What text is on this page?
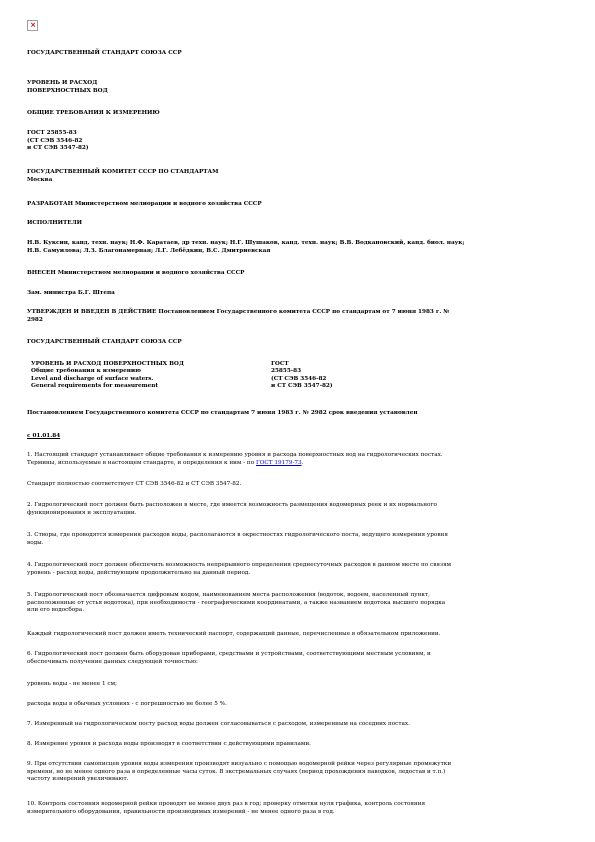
×
ГОСУДАРСТВЕННЫЙ СТАНДАРТ СОЮЗА ССР
УРОВЕНЬ И РАСХОД
ПОВЕРХНОСТНЫХ ВОД
ОБЩИЕ ТРЕБОВАНИЯ К ИЗМЕРЕНИЮ
ГОСТ 25855-83
(СТ СЭВ 3546-82
и СТ СЭВ 3547-82)
ГОСУДАРСТВЕННЫЙ КОМИТЕТ СССР ПО СТАНДАРТАМ
Москва
РАЗРАБОТАН Министерством мелиорации и водного хозяйства СССР
ИСПОЛНИТЕЛИ
Н.В. Куксин, канд. техн. наук; Н.Ф. Каратаев, др техн. наук; Н.Г. Шушаков, канд. техн. наук; В.В. Водкановский, канд. биол. наук;
Н.В. Самуилова; Л.З. Благонамерная; Л.Г. Лебёдкин, В.С. Дмитриевская
ВНЕСЕН Министерством мелиорации и водного хозяйства СССР
Зам. министра Б.Г. Штепа
УТВЕРЖДЕН И ВВЕДЕН В ДЕЙСТВИЕ Постановлением Государственного комитета СССР по стандартам от 7 июня 1983 г. №
2982
ГОСУДАРСТВЕННЫЙ СТАНДАРТ СОЮЗА ССР
УРОВЕНЬ И РАСХОД ПОВЕРХНОСТНЫХ ВОД	ГОСТ
Общие требования к измерению	25855-83
Level and discharge of surface waters.	(СТ СЭВ 3546-82
General requirements for measurement	и СТ СЭВ 3547-82)
Постановлением Государственного комитета СССР по стандартам 7 июня 1983 г. № 2982 срок введения установлен
с 01.01.84
1. Настоящий стандарт устанавливает общие требования к измерению уровня и расхода поверхностных вод на гидрологических постах.
Термины, используемые в настоящем стандарте, и определения к ним - по ГОСТ 19179-73.
Стандарт полностью соответствует СТ СЭВ 3546-82 и СТ СЭВ 3547-82.
2. Гидрологический пост должен быть расположен в месте, где имеется возможность размещения водомерных реек и их нормального
функционирования и эксплуатации.
3. Створы, где проводятся измерения расходов воды, располагаются в окрестностях гидрологического поста, ведущего измерения уровня
воды.
4. Гидрологический пост должен обеспечить возможность непрерывного определения среднесуточных расходов в данном месте по связям
уровень - расход воды, действующим продолжительно на данный период.
5. Гидрологический пост обозначается цифровым кодом, наименованием места расположения (водоток, водоем, населенный пункт,
расположенные от устья водотока), при необходимости - географическими координатами, а также названием водотока высшего порядка
или его водосбора.
Каждый гидрологический пост должен иметь технический паспорт, содержащий данные, перечисленные в обязательном приложении.
6. Гидрологический пост должен быть оборудован приборами, средствами и устройствами, соответствующими местным условиям, и
обеспечивать получение данных следующей точностью:
уровень воды - не менее 1 см;
расхода воды в обычных условиях - с погрешностью не более 5 %.
7. Измеренный на гидрологическом посту расход воды должен согласовываться с расходом, измеренным на соседних постах.
8. Измерение уровня и расхода воды производят в соответствии с действующими правилами.
9. При отсутствии самописцев уровня воды измерения производят визуально с помощью водомерной рейки через регулярные промежутки
времени, но не менее одного раза в определенные часы суток. В экстремальных случаях (период прохождения паводков, ледостав и т.п.)
частоту измерений увеличивают.
10. Контроль состояния водомерной рейки проводят не менее двух раз в год; проверку отметки нуля графика, контроль состояния
измерительного оборудования, правильности производимых измерений - не менее одного раза в год.
